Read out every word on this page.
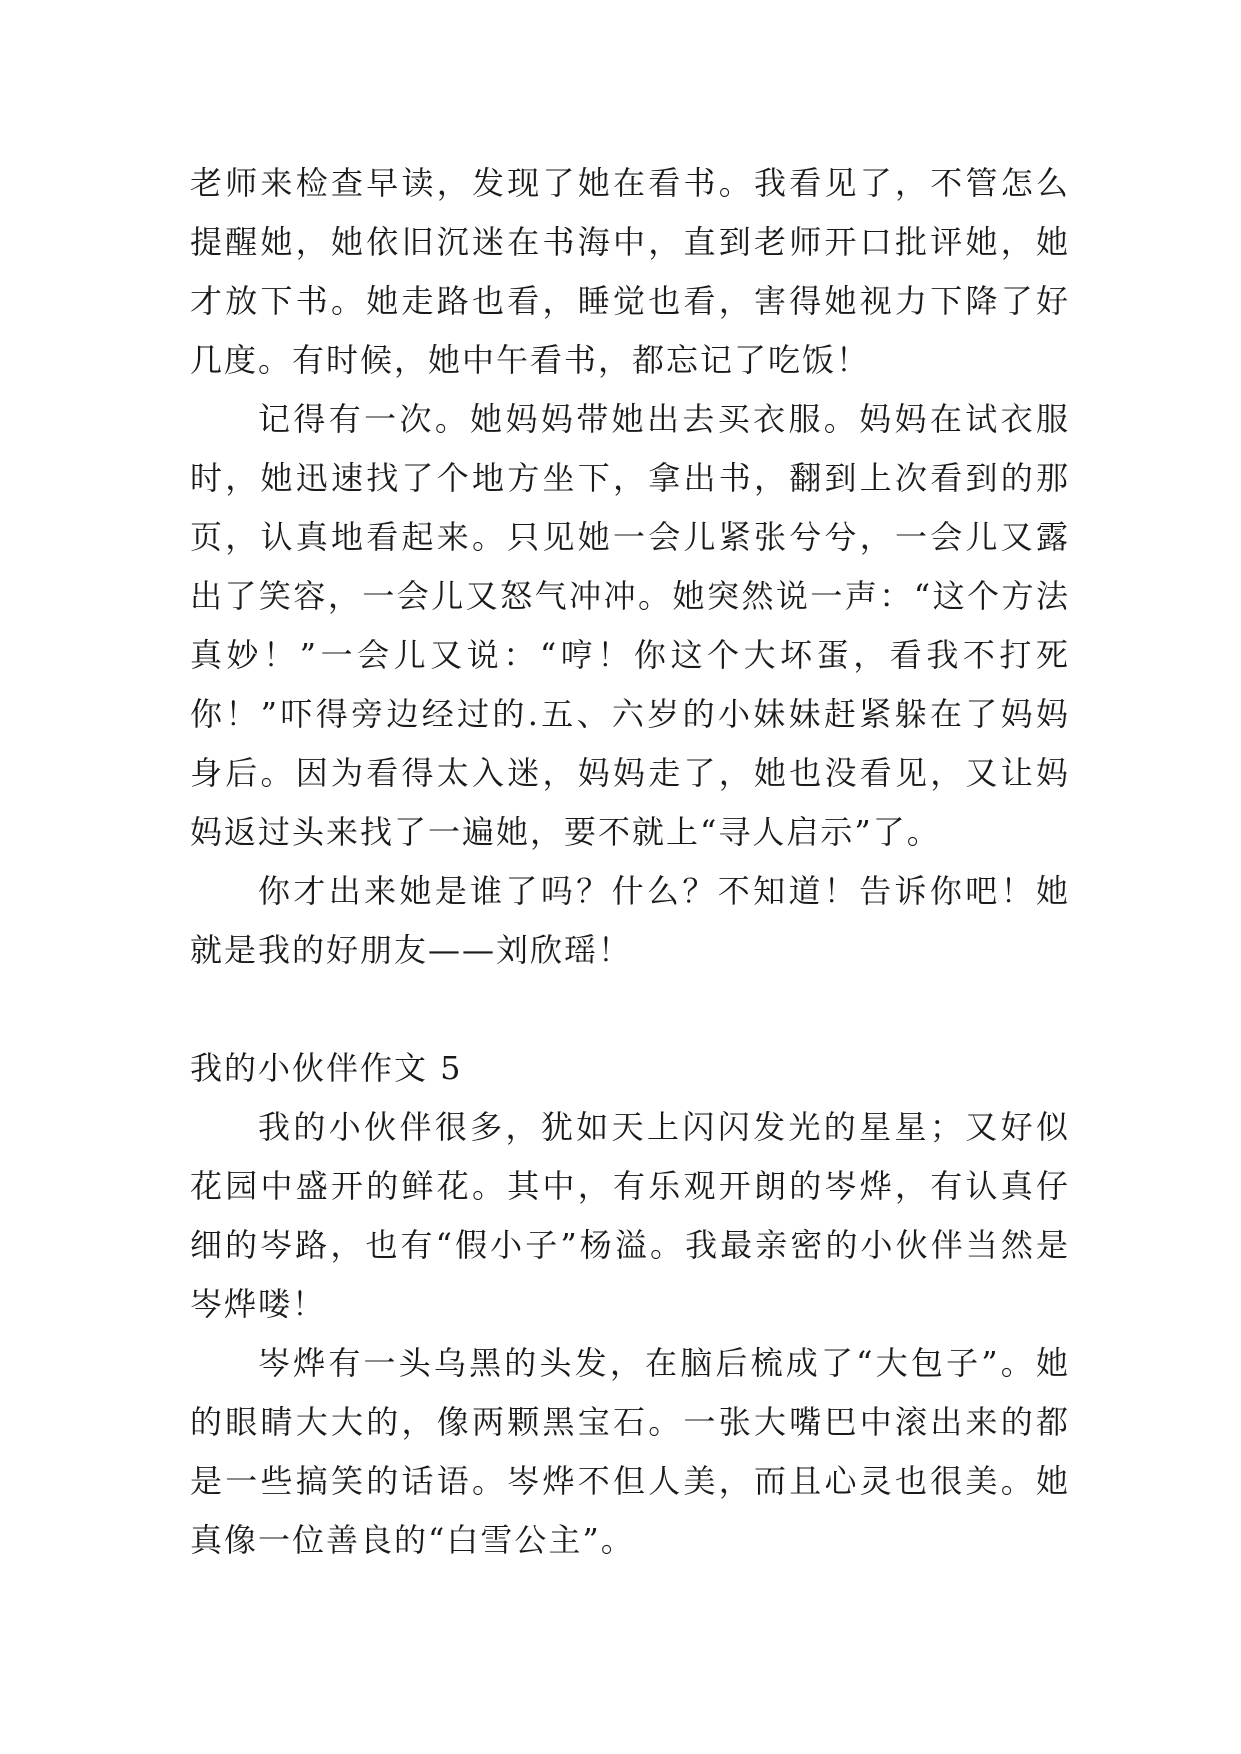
老师来检查早读，发现了她在看书。我看见了，不管怎么提醒她，她依旧沉迷在书海中，直到老师开口批评她，她才放下书。她走路也看，睡觉也看，害得她视力下降了好几度。有时候，她中午看书，都忘记了吃饭！

记得有一次。她妈妈带她出去买衣服。妈妈在试衣服时，她迅速找了个地方坐下，拿出书，翻到上次看到的那页，认真地看起来。只见她一会儿紧张兮兮，一会儿又露出了笑容，一会儿又怒气冲冲。她突然说一声：“这个方法真妙！”一会儿又说：“哼！你这个大坏蛋，看我不打死你！”吓得旁边经过的.五、六岁的小妹妹赶紧躲在了妈妈身后。因为看得太入迷，妈妈走了，她也没看见，又让妈妈返过头来找了一遍她，要不就上“寻人启示”了。

你才出来她是谁了吗？什么？不知道！告诉你吧！她就是我的好朋友——刘欣瑶！

我的小伙伴作文 5

我的小伙伴很多，犹如天上闪闪发光的星星；又好似花园中盛开的鲜花。其中，有乐观开朗的岑烨，有认真仔细的岑路，也有“假小子”杨溢。我最亲密的小伙伴当然是岑烨喽！

岑烨有一头乌黑的头发，在脑后梳成了“大包子”。她的眼睛大大的，像两颗黑宝石。一张大嘴巴中滚出来的都是一些搞笑的话语。岑烨不但人美，而且心灵也很美。她真像一位善良的“白雪公主”。
